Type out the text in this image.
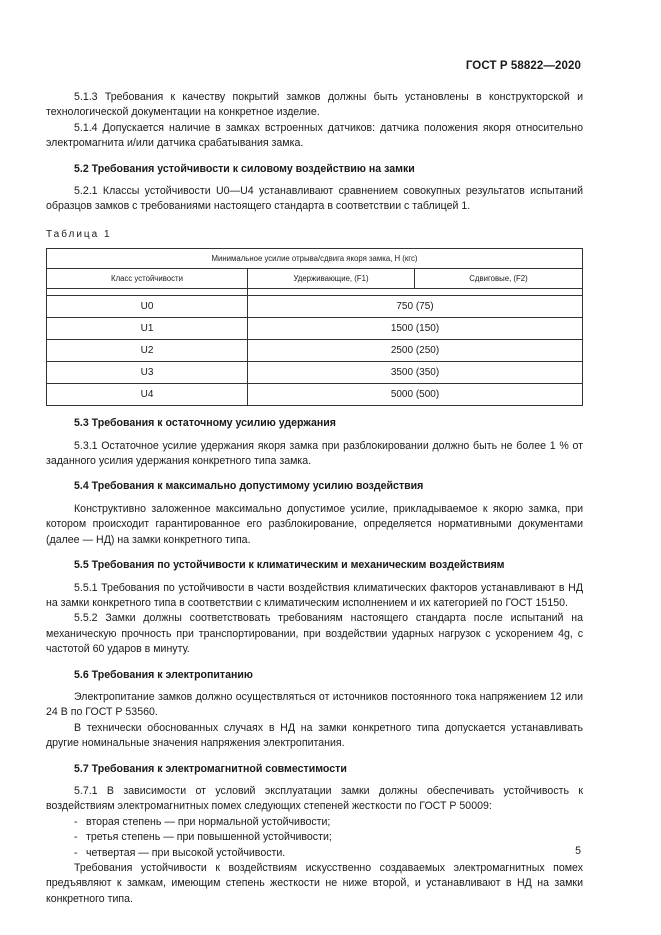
ГОСТ Р 58822—2020

5.1.3 Требования к качеству покрытий замков должны быть установлены в конструкторской и технологической документации на конкретное изделие.

5.1.4 Допускается наличие в замках встроенных датчиков: датчика положения якоря относительно электромагнита и/или датчика срабатывания замка.

5.2 Требования устойчивости к силовому воздействию на замки

5.2.1 Классы устойчивости U0—U4 устанавливают сравнением совокупных результатов испытаний образцов замков с требованиями настоящего стандарта в соответствии с таблицей 1.

Таблица 1
Минимальное усилие отрыва/сдвига якоря замка, Н (кгс)		
Класс устойчивости	Удерживающие, (F1)	Сдвиговые, (F2)

U0	750 (75)	
U1	1500 (150)	
U2	2500 (250)	
U3	3500 (350)	
U4	5000 (500)	
5.3 Требования к остаточному усилию удержания

5.3.1 Остаточное усилие удержания якоря замка при разблокировании должно быть не более 1 % от заданного усилия удержания конкретного типа замка.

5.4 Требования к максимально допустимому усилию воздействия

Конструктивно заложенное максимально допустимое усилие, прикладываемое к якорю замка, при котором происходит гарантированное его разблокирование, определяется нормативными документами (далее — НД) на замки конкретного типа.

5.5 Требования по устойчивости к климатическим и механическим воздействиям

5.5.1 Требования по устойчивости в части воздействия климатических факторов устанавливают в НД на замки конкретного типа в соответствии с климатическим исполнением и их категорией по ГОСТ 15150.

5.5.2 Замки должны соответствовать требованиям настоящего стандарта после испытаний на механическую прочность при транспортировании, при воздействии ударных нагрузок с ускорением 4g, с частотой 60 ударов в минуту.

5.6 Требования к электропитанию

Электропитание замков должно осуществляться от источников постоянного тока напряжением 12 или 24 В по ГОСТ Р 53560.

В технически обоснованных случаях в НД на замки конкретного типа допускается устанавливать другие номинальные значения напряжения электропитания.

5.7 Требования к электромагнитной совместимости

5.7.1 В зависимости от условий эксплуатации замки должны обеспечивать устойчивость к воздействиям электромагнитных помех следующих степеней жесткости по ГОСТ Р 50009:

- вторая степень — при нормальной устойчивости;
- третья степень — при повышенной устойчивости;
- четвертая — при высокой устойчивости.

Требования устойчивости к воздействиям искусственно создаваемых электромагнитных помех предъявляют к замкам, имеющим степень жесткости не ниже второй, и устанавливают в НД на замки конкретного типа.

5
